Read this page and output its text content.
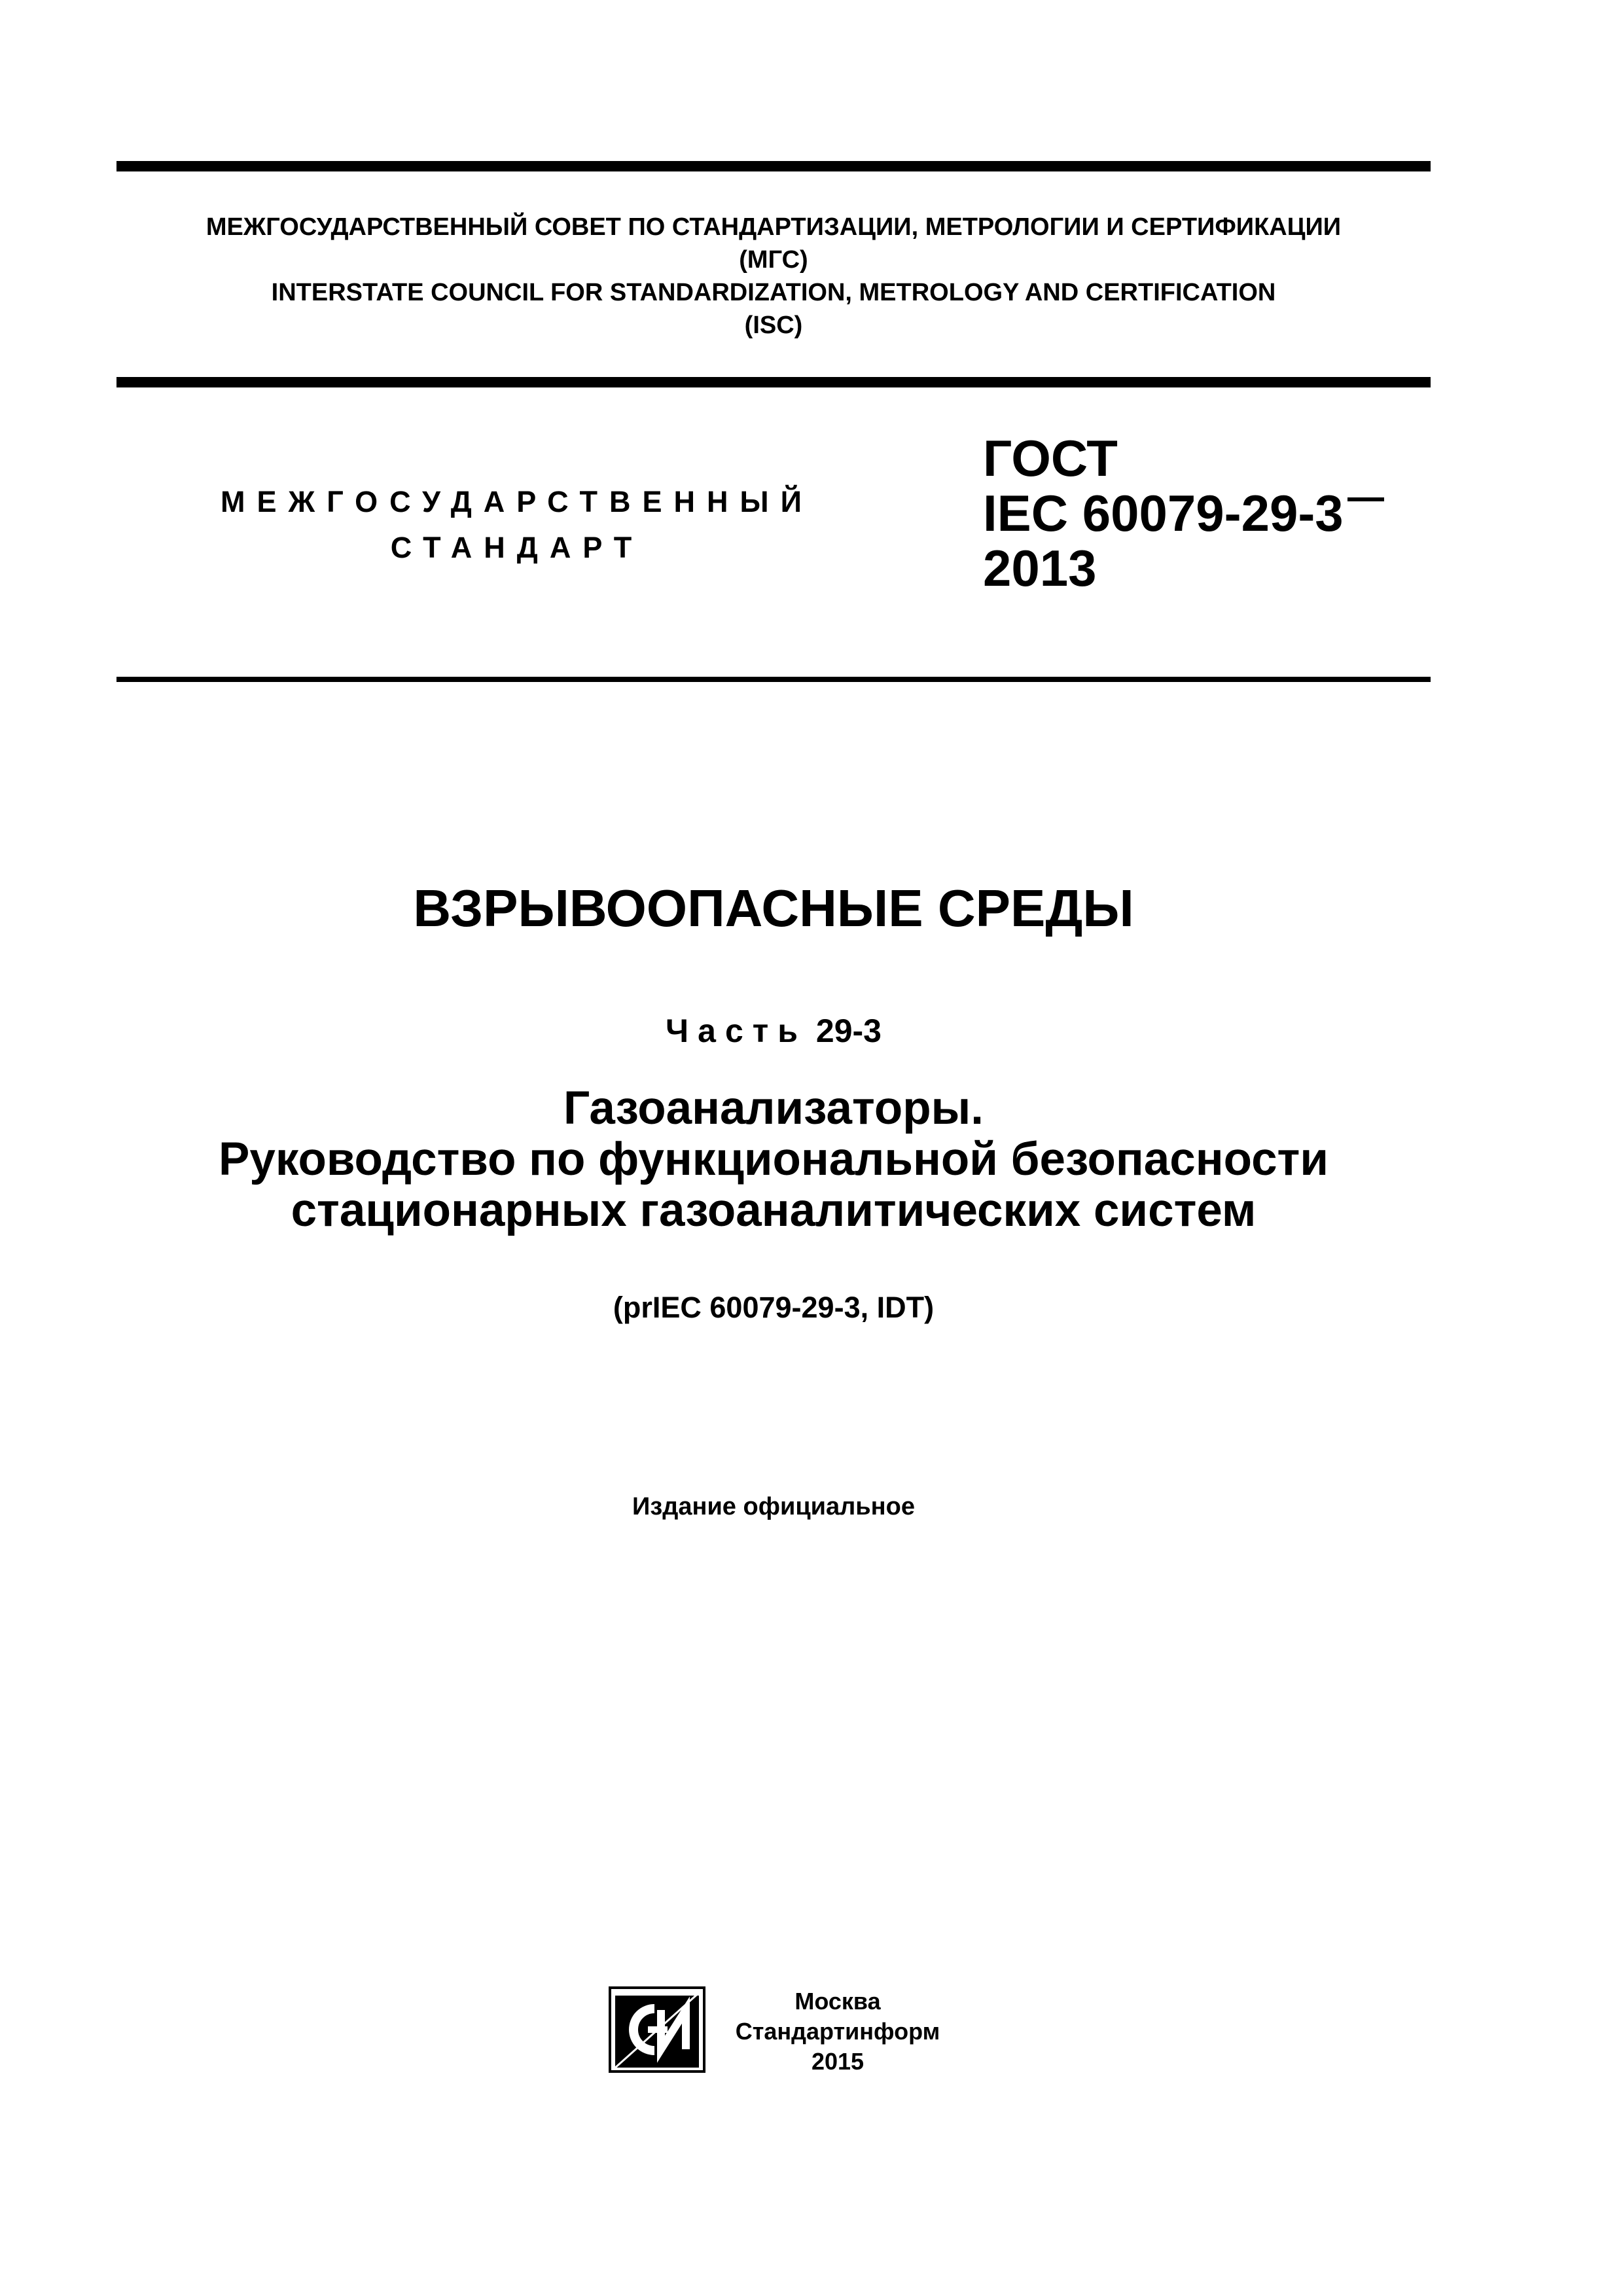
МЕЖГОСУДАРСТВЕННЫЙ СОВЕТ ПО СТАНДАРТИЗАЦИИ, МЕТРОЛОГИИ И СЕРТИФИКАЦИИ
(МГС)
INTERSTATE COUNCIL FOR STANDARDIZATION, METROLOGY AND CERTIFICATION
(ISC)
МЕЖГОСУДАРСТВЕННЫЙ
СТАНДАРТ
ГОСТ
IEC 60079-29-3
2013
ВЗРЫВООПАСНЫЕ СРЕДЫ
Часть 29-3
Газоанализаторы.
Руководство по функциональной безопасности
стационарных газоаналитических систем
(prIEC 60079-29-3, IDT)
Издание официальное
Москва
Стандартинформ
2015
